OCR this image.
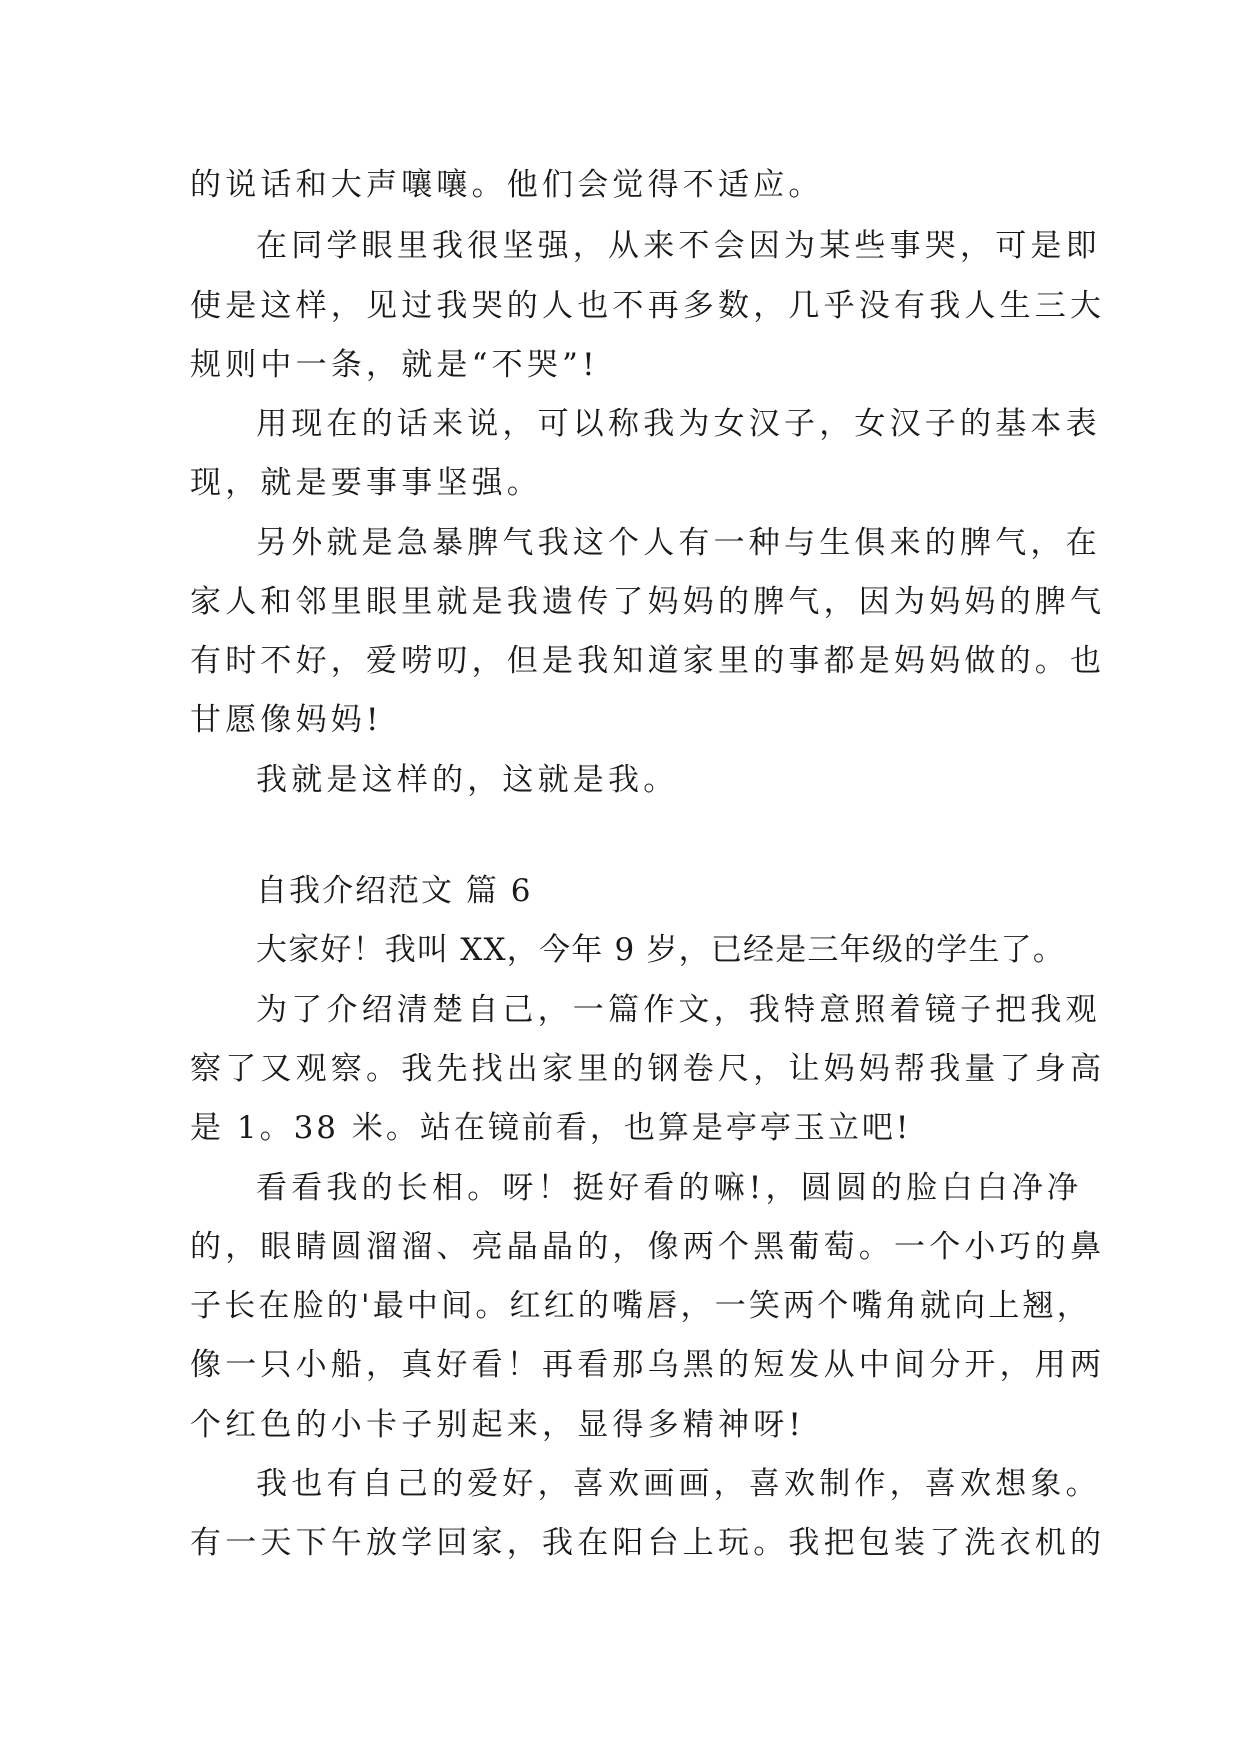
的说话和大声嚷嚷。他们会觉得不适应。
在同学眼里我很坚强，从来不会因为某些事哭，可是即
使是这样，见过我哭的人也不再多数，几乎没有我人生三大
规则中一条，就是“不哭”!
用现在的话来说，可以称我为女汉子，女汉子的基本表
现，就是要事事坚强。
另外就是急暴脾气我这个人有一种与生俱来的脾气，在
家人和邻里眼里就是我遗传了妈妈的脾气，因为妈妈的脾气
有时不好，爱唠叨，但是我知道家里的事都是妈妈做的。也
甘愿像妈妈!
我就是这样的，这就是我。
自我介绍范文 篇 6
大家好！我叫 XX，今年 9 岁，已经是三年级的学生了。
为了介绍清楚自己，一篇作文，我特意照着镜子把我观
察了又观察。我先找出家里的钢卷尺，让妈妈帮我量了身高
是 1。38 米。站在镜前看，也算是亭亭玉立吧!
看看我的长相。呀！挺好看的嘛!，圆圆的脸白白净净
的，眼睛圆溜溜、亮晶晶的，像两个黑葡萄。一个小巧的鼻
子长在脸的'最中间。红红的嘴唇，一笑两个嘴角就向上翘，
像一只小船，真好看！再看那乌黑的短发从中间分开，用两
个红色的小卡子别起来，显得多精神呀!
我也有自己的爱好，喜欢画画，喜欢制作，喜欢想象。
有一天下午放学回家，我在阳台上玩。我把包装了洗衣机的
